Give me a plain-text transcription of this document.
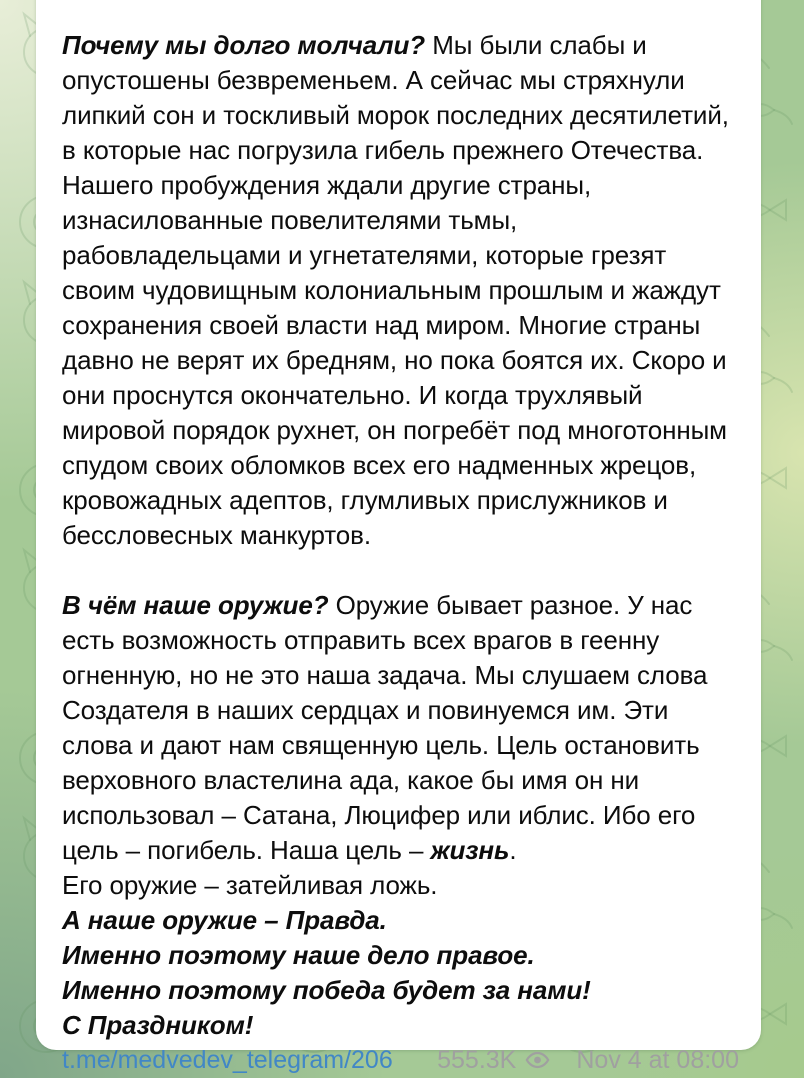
Почему мы долго молчали? Мы были слабы и опустошены безвременьем. А сейчас мы стряхнули липкий сон и тоскливый морок последних десятилетий, в которые нас погрузила гибель прежнего Отечества. Нашего пробуждения ждали другие страны, изнасилованные повелителями тьмы, рабовладельцами и угнетателями, которые грезят своим чудовищным колониальным прошлым и жаждут сохранения своей власти над миром. Многие страны давно не верят их бредням, но пока боятся их. Скоро и они проснутся окончательно. И когда трухлявый мировой порядок рухнет, он погребёт под многотонным спудом своих обломков всех его надменных жрецов, кровожадных адептов, глумливых прислужников и бессловесных манкуртов.
В чём наше оружие? Оружие бывает разное. У нас есть возможность отправить всех врагов в геенну огненную, но не это наша задача. Мы слушаем слова Создателя в наших сердцах и повинуемся им. Эти слова и дают нам священную цель. Цель остановить верховного властелина ада, какое бы имя он ни использовал – Сатана, Люцифер или иблис. Ибо его цель – погибель. Наша цель – жизнь.
Его оружие – затейливая ложь.
А наше оружие – Правда.
Именно поэтому наше дело правое.
Именно поэтому победа будет за нами!
С Праздником!
t.me/medvedev_telegram/206 555.3K Nov 4 at 08:00
